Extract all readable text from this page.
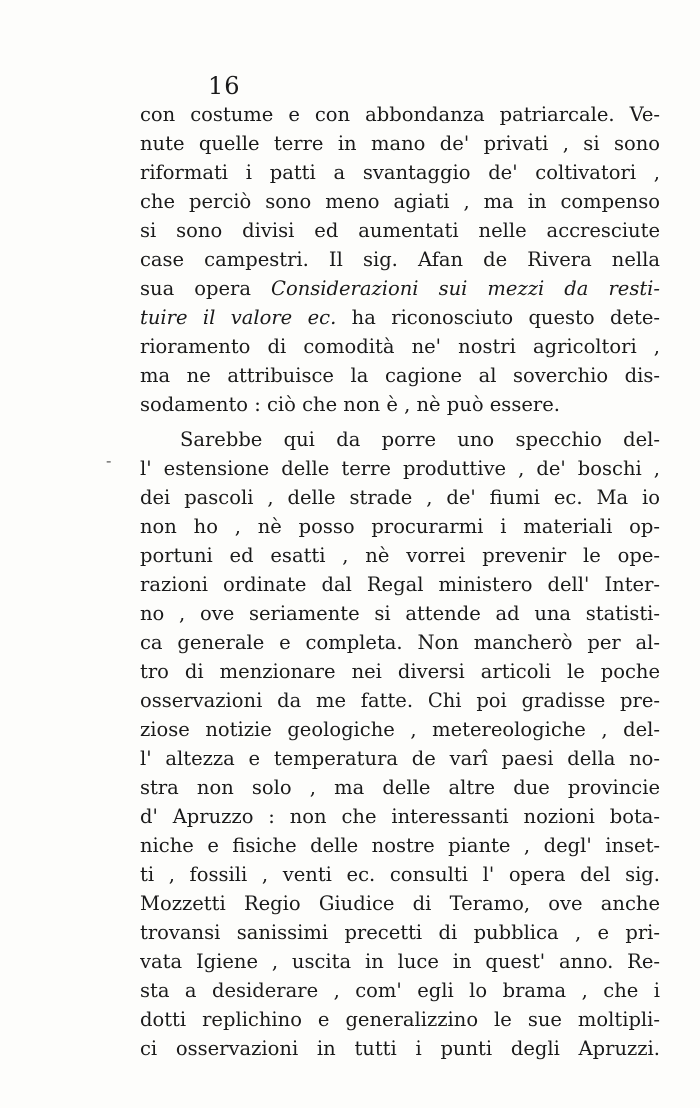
16
-
con costume e con abbondanza patriarcale. Ve-
nute quelle terre in mano de' privati , si sono
riformati i patti a svantaggio de' coltivatori ,
che perciò sono meno agiati , ma in compenso
si sono divisi ed aumentati nelle accresciute
case campestri. Il sig. Afan de Rivera nella
sua opera Considerazioni sui mezzi da resti-
tuire il valore ec. ha riconosciuto questo dete-
rioramento di comodità ne' nostri agricoltori ,
ma ne attribuisce la cagione al soverchio dis-
sodamento : ciò che non è , nè può essere.
Sarebbe qui da porre uno specchio del-
l' estensione delle terre produttive , de' boschi ,
dei pascoli , delle strade , de' fiumi ec. Ma io
non ho , nè posso procurarmi i materiali op-
portuni ed esatti , nè vorrei prevenir le ope-
razioni ordinate dal Regal ministero dell' Inter-
no , ove seriamente si attende ad una statisti-
ca generale e completa. Non mancherò per al-
tro di menzionare nei diversi articoli le poche
osservazioni da me fatte. Chi poi gradisse pre-
ziose notizie geologiche , metereologiche , del-
l' altezza e temperatura de varî paesi della no-
stra non solo , ma delle altre due provincie
d' Apruzzo : non che interessanti nozioni bota-
niche e fisiche delle nostre piante , degl' inset-
ti , fossili , venti ec. consulti l' opera del sig.
Mozzetti Regio Giudice di Teramo, ove anche
trovansi sanissimi precetti di pubblica , e pri-
vata Igiene , uscita in luce in quest' anno. Re-
sta a desiderare , com' egli lo brama , che i
dotti replichino e generalizzino le sue moltipli-
ci osservazioni in tutti i punti degli Apruzzi.
